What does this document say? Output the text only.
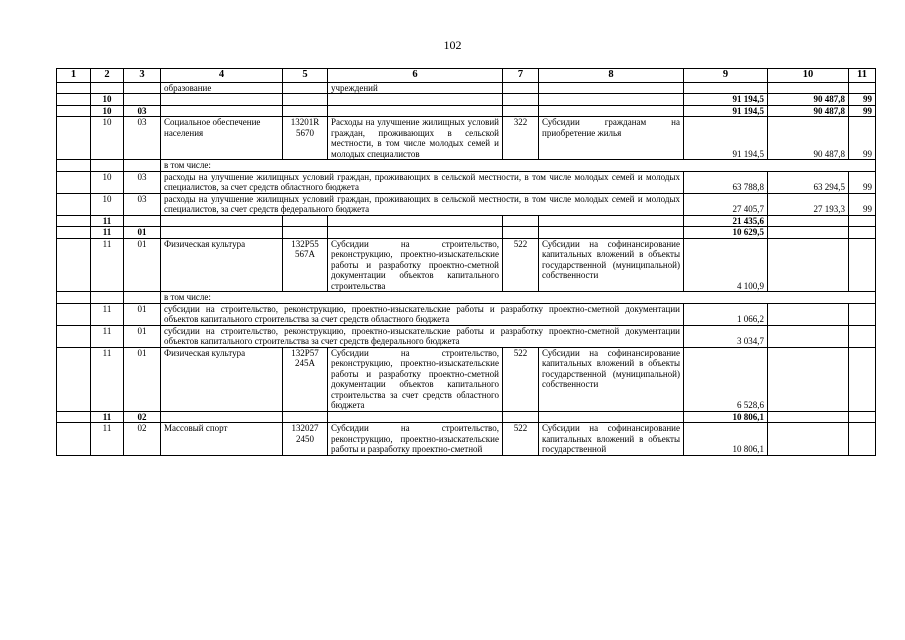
102
1	2	3	4	5	6	7	8	9	10	11
			образование		учреждений					
	10							91 194,5	90 487,8	99
	10	03						91 194,5	90 487,8	99
	10	03	Социальное обеспечение населения	13201R 5670	Расходы на улучшение жилищных условий граждан, проживающих в сельской местности, в том числе молодых семей и молодых специалистов	322	Субсидии гражданам на приобретение жилья	91 194,5	90 487,8	99
			в том числе:							
	10	03	расходы на улучшение жилищных условий граждан, проживающих в сельской местности, в том числе молодых семей и молодых специалистов, за счет средств областного бюджета					63 788,8	63 294,5	99
	10	03	расходы на улучшение жилищных условий граждан, проживающих в сельской местности, в том числе молодых семей и молодых специалистов, за счет средств федерального бюджета					27 405,7	27 193,3	99
	11							21 435,6		
	11	01						10 629,5		
	11	01	Физическая культура	132P55 567A	Субсидии на строительство, реконструкцию, проектно-изыскательские работы и разработку проектно-сметной документации объектов капитального строительства	522	Субсидии на софинансирование капитальных вложений в объекты государственной (муниципальной) собственности	4 100,9		
			в том числе:							
	11	01	субсидии на строительство, реконструкцию, проектно-изыскательские работы и разработку проектно-сметной документации объектов капитального строительства за счет средств областного бюджета					1 066,2		
	11	01	субсидии на строительство, реконструкцию, проектно-изыскательские работы и разработку проектно-сметной документации объектов капитального строительства за счет средств федерального бюджета					3 034,7		
	11	01	Физическая культура	132P57 245A	Субсидии на строительство, реконструкцию, проектно-изыскательские работы и разработку проектно-сметной документации объектов капитального строительства за счет средств областного бюджета	522	Субсидии на софинансирование капитальных вложений в объекты государственной (муниципальной) собственности	6 528,6		
	11	02						10 806,1		
	11	02	Массовый спорт	132027 2450	Субсидии на строительство, реконструкцию, проектно-изыскательские работы и разработку проектно-сметной	522	Субсидии на софинансирование капитальных вложений в объекты государственной	10 806,1		
